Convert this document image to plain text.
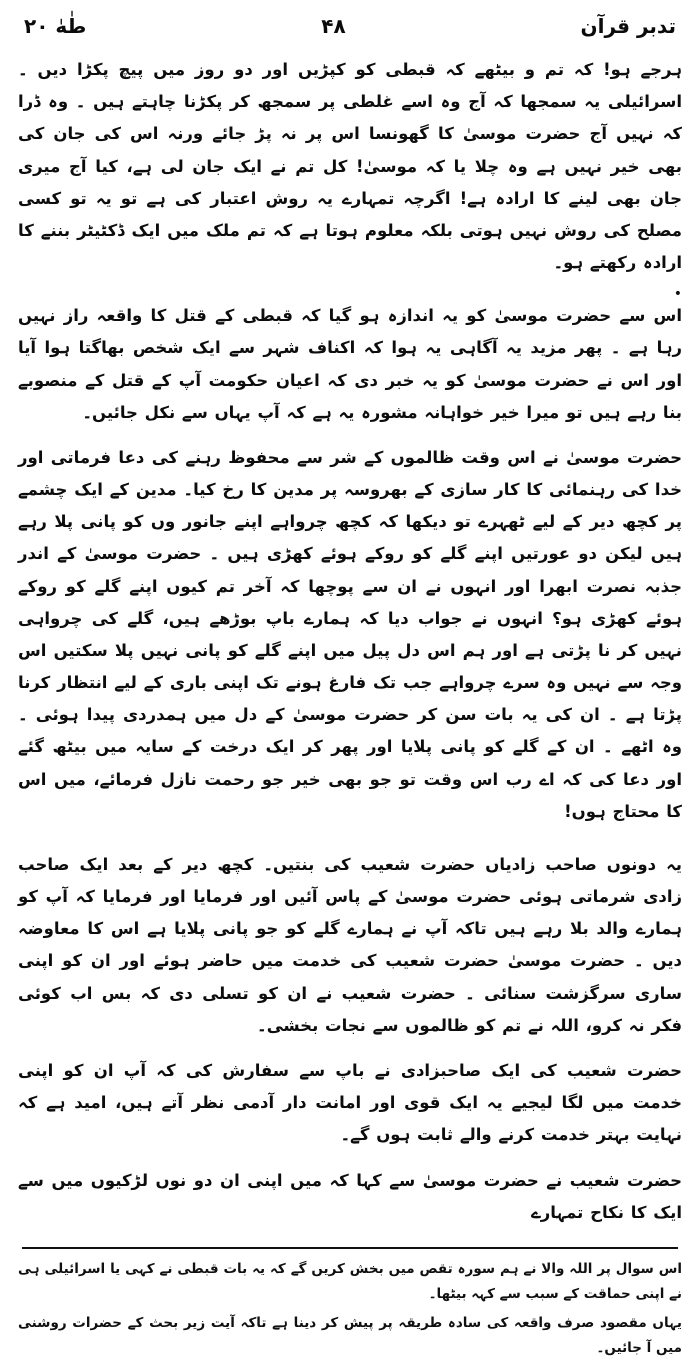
تدبر قرآن
۴۸
طٰهٰ ۲۰

ہرجے ہو! کہ تم و بیٹھے کہ قبطی کو کپڑیں اور دو روز میں پیچ پکڑا دیں ۔ اسرائیلی یہ سمجھا کہ آج وہ اسے غلطی پر سمجھ کر پکڑنا چاہتے ہیں ۔ وہ ڈرا کہ نہیں آج حضرت موسیٰ کا گھونسا اس پر نہ پڑ جائے ورنہ اس کی جان کی بھی خیر نہیں ہے وہ چلا یا کہ موسیٰ! کل تم نے ایک جان لی ہے، کیا آج میری جان بھی لینے کا ارادہ ہے! اگرچہ تمہارے یہ روش اعتبار کی ہے تو یہ تو کسی مصلح کی روش نہیں ہوتی بلکہ معلوم ہوتا ہے کہ تم ملک میں ایک ڈکٹیٹر بننے کا ارادہ رکھتے ہو۔

•

اس سے حضرت موسیٰ کو یہ اندازہ ہو گیا کہ قبطی کے قتل کا واقعہ راز نہیں رہا ہے ۔ پھر مزید یہ آگاہی یہ ہوا کہ اکناف شہر سے ایک شخص بھاگتا ہوا آیا اور اس نے حضرت موسیٰ کو یہ خبر دی کہ اعیان حکومت آپ کے قتل کے منصوبے بنا رہے ہیں تو میرا خیر خواہانہ مشورہ یہ ہے کہ آپ یہاں سے نکل جائیں۔

حضرت موسیٰ نے اس وقت ظالموں کے شر سے محفوظ رہنے کی دعا فرماتی اور خدا کی رہنمائی کا کار سازی کے بھروسہ پر مدین کا رخ کیا۔ مدین کے ایک چشمے پر کچھ دیر کے لیے ٹھہرے تو دیکھا کہ کچھ چرواہے اپنے جانور وں کو پانی پلا رہے ہیں لیکن دو عورتیں اپنے گلے کو روکے ہوئے کھڑی ہیں ۔ حضرت موسیٰ کے اندر جذبہ نصرت ابھرا اور انہوں نے ان سے پوچھا کہ آخر تم کیوں اپنے گلے کو روکے ہوئے کھڑی ہو؟ انہوں نے جواب دیا کہ ہمارے باپ بوڑھے ہیں، گلے کی چرواہی نہیں کر نا پڑتی ہے اور ہم اس دل پیل میں اپنے گلے کو پانی نہیں پلا سکتیں اس وجہ سے نہیں وہ سرے چرواہے جب تک فارغ ہونے تک اپنی باری کے لیے انتظار کرنا پڑتا ہے ۔ ان کی یہ بات سن کر حضرت موسیٰ کے دل میں ہمدردی پیدا ہوئی ۔ وہ اٹھے ۔ ان کے گلے کو پانی پلایا اور پھر کر ایک درخت کے سایہ میں بیٹھ گئے اور دعا کی کہ اے رب اس وقت تو جو بھی خیر جو رحمت نازل فرمائے، میں اس کا محتاج ہوں!

یہ دونوں صاحب زادیاں حضرت شعیب کی بنتیں۔ کچھ دیر کے بعد ایک صاحب زادی شرماتی ہوئی حضرت موسیٰ کے پاس آئیں اور فرمایا اور فرمایا کہ آپ کو ہمارے والد بلا رہے ہیں تاکہ آپ نے ہمارے گلے کو جو پانی پلایا ہے اس کا معاوضہ دیں ۔ حضرت موسیٰ حضرت شعیب کی خدمت میں حاضر ہوئے اور ان کو اپنی ساری سرگزشت سنائی ۔ حضرت شعیب نے ان کو تسلی دی کہ بس اب کوئی فکر نہ کرو، اللہ نے تم کو ظالموں سے نجات بخشی۔

حضرت شعیب کی ایک صاحبزادی نے باپ سے سفارش کی کہ آپ ان کو اپنی خدمت میں لگا لیجیے یہ ایک قوی اور امانت دار آدمی نظر آتے ہیں، امید ہے کہ نہایت بہتر خدمت کرنے والے ثابت ہوں گے۔

حضرت شعیب نے حضرت موسیٰ سے کہا کہ میں اپنی ان دو نوں لڑکیوں میں سے ایک کا نکاح تمہارے

اس سوال پر اللہ والا نے ہم سورہ تقص میں بخش کریں گے کہ یہ بات قبطی نے کہی یا اسرائیلی ہی نے اپنی حماقت کے سبب سے کہہ بیٹھا۔

یہاں مقصود صرف واقعہ کی سادہ طریقہ پر پیش کر دینا ہے تاکہ آیت زیر بحث کے حضرات روشنی میں آ جائیں۔
